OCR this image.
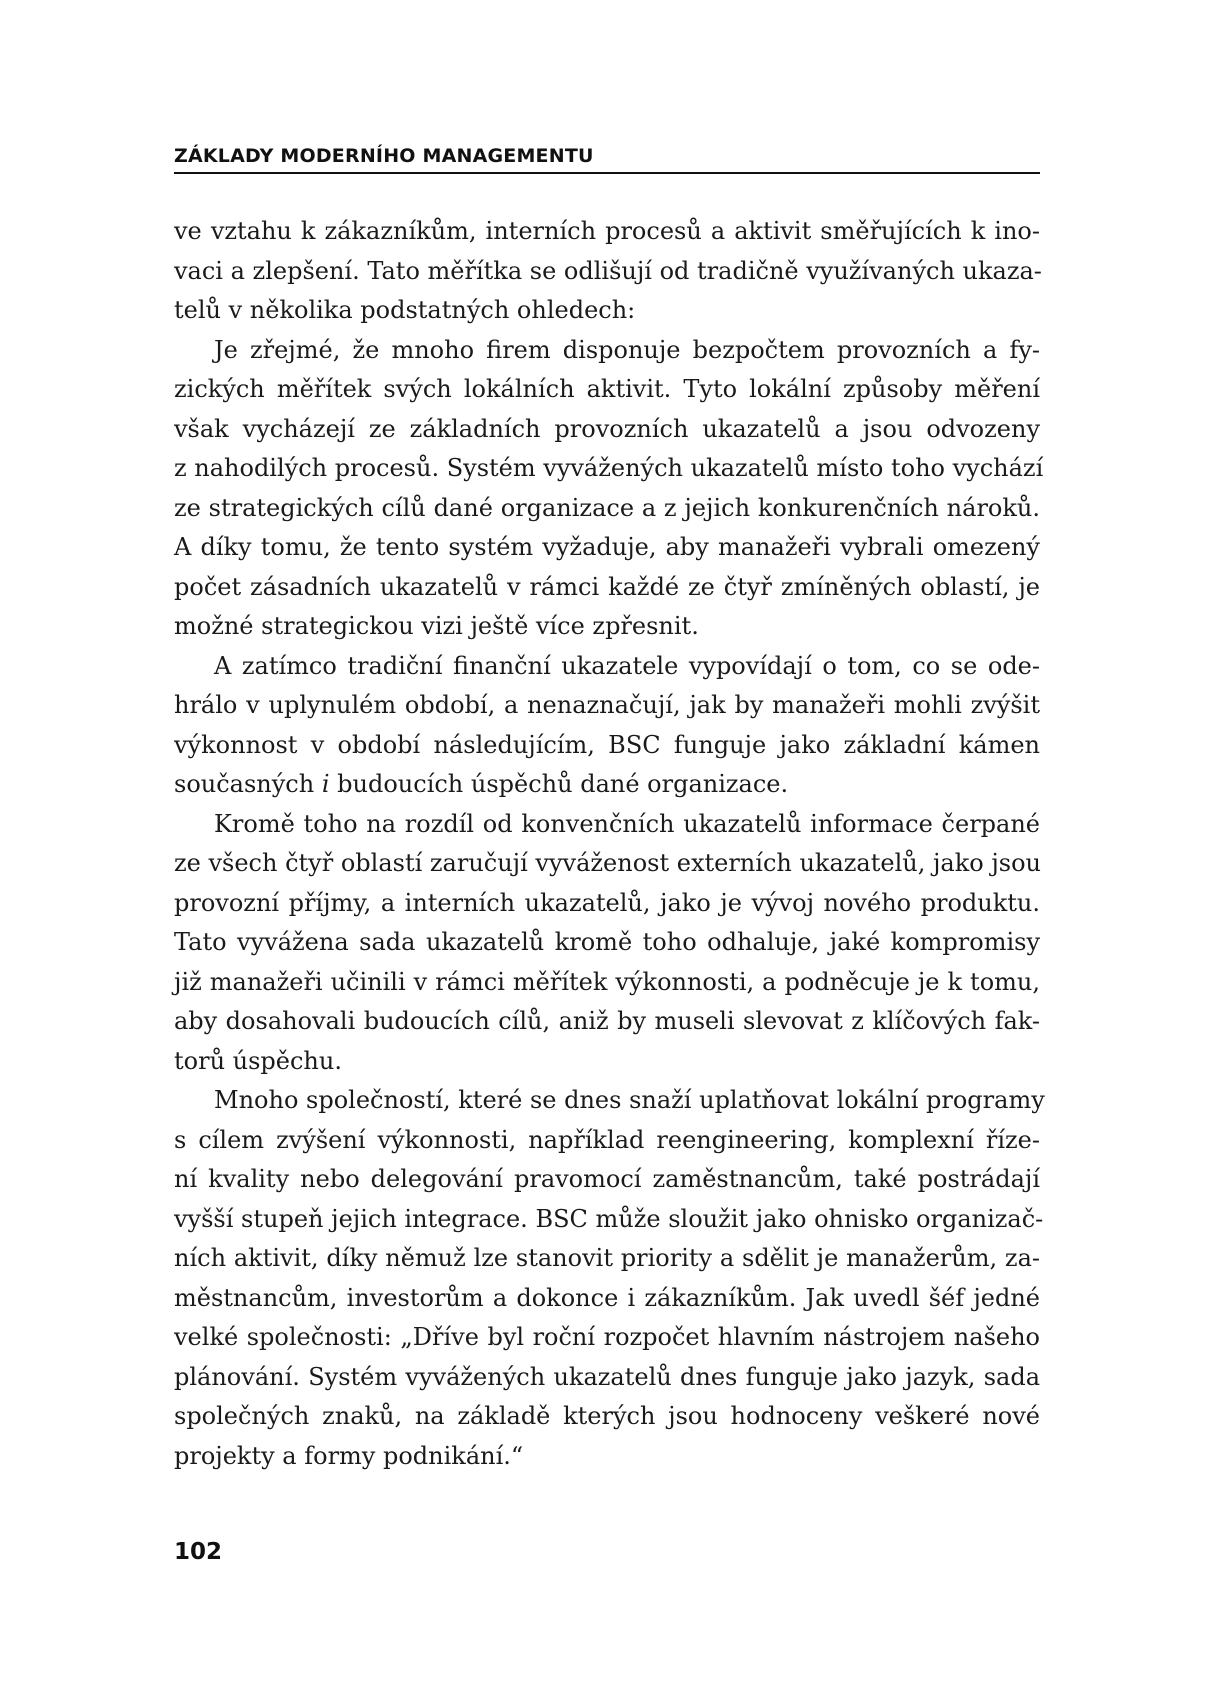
ZÁKLADY MODERNÍHO MANAGEMENTU
ve vztahu k zákazníkům, interních procesů a aktivit směřujících k ino-
vaci a zlepšení. Tato měřítka se odlišují od tradičně využívaných ukaza-
telů v několika podstatných ohledech:
Je zřejmé, že mnoho firem disponuje bezpočtem provozních a fy-
zických měřítek svých lokálních aktivit. Tyto lokální způsoby měření
však vycházejí ze základních provozních ukazatelů a jsou odvozeny
z nahodilých procesů. Systém vyvážených ukazatelů místo toho vychází
ze strategických cílů dané organizace a z jejich konkurenčních nároků.
A díky tomu, že tento systém vyžaduje, aby manažeři vybrali omezený
počet zásadních ukazatelů v rámci každé ze čtyř zmíněných oblastí, je
možné strategickou vizi ještě více zpřesnit.
A zatímco tradiční finanční ukazatele vypovídají o tom, co se ode-
hrálo v uplynulém období, a nenaznačují, jak by manažeři mohli zvýšit
výkonnost v období následujícím, BSC funguje jako základní kámen
současných i budoucích úspěchů dané organizace.
Kromě toho na rozdíl od konvenčních ukazatelů informace čerpané
ze všech čtyř oblastí zaručují vyváženost externích ukazatelů, jako jsou
provozní příjmy, a interních ukazatelů, jako je vývoj nového produktu.
Tato vyvážena sada ukazatelů kromě toho odhaluje, jaké kompromisy
již manažeři učinili v rámci měřítek výkonnosti, a podněcuje je k tomu,
aby dosahovali budoucích cílů, aniž by museli slevovat z klíčových fak-
torů úspěchu.
Mnoho společností, které se dnes snaží uplatňovat lokální programy
s cílem zvýšení výkonnosti, například reengineering, komplexní říze-
ní kvality nebo delegování pravomocí zaměstnancům, také postrádají
vyšší stupeň jejich integrace. BSC může sloužit jako ohnisko organizač-
ních aktivit, díky němuž lze stanovit priority a sdělit je manažerům, za-
městnancům, investorům a dokonce i zákazníkům. Jak uvedl šéf jedné
velké společnosti: „Dříve byl roční rozpočet hlavním nástrojem našeho
plánování. Systém vyvážených ukazatelů dnes funguje jako jazyk, sada
společných znaků, na základě kterých jsou hodnoceny veškeré nové
projekty a formy podnikání.“
102
